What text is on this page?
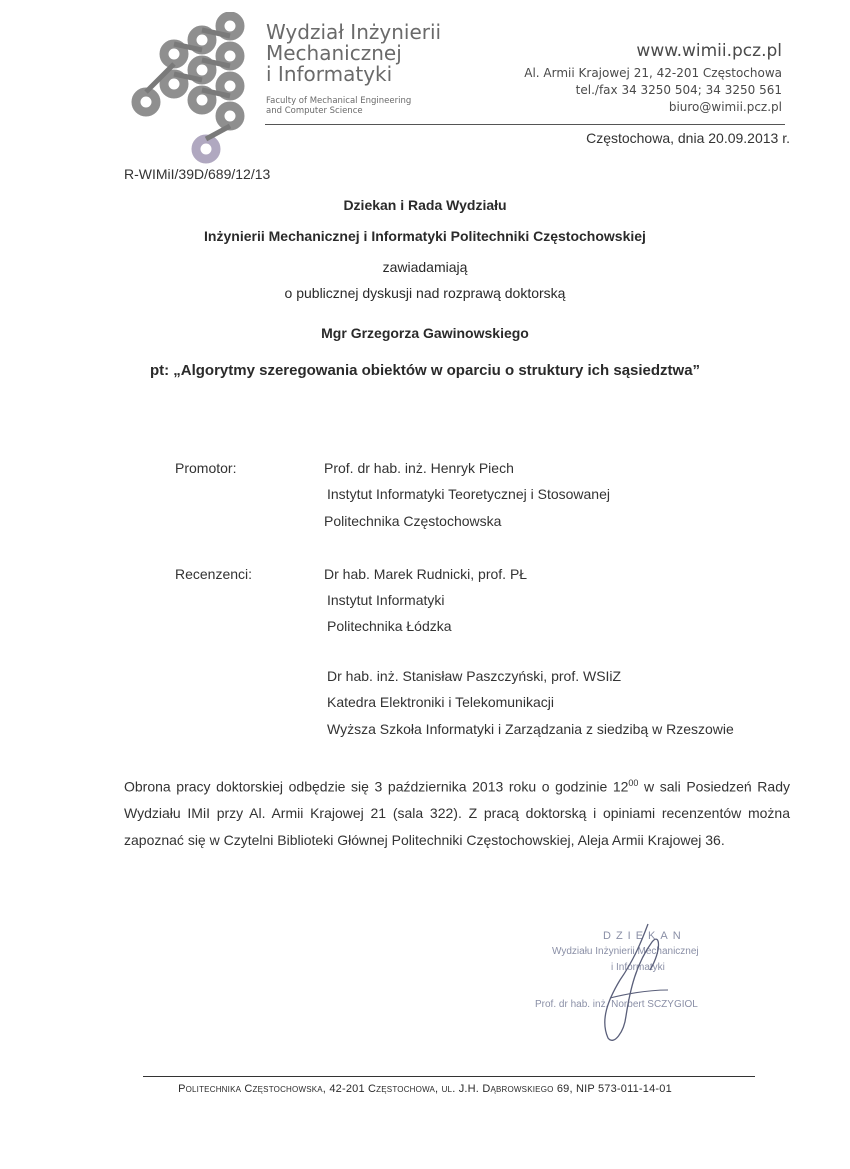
Wydział Inżynierii
Mechanicznej
i Informatyki
Faculty of Mechanical Engineering
and Computer Science
www.wimii.pcz.pl
Al. Armii Krajowej 21, 42-201 Częstochowa
tel./fax 34 3250 504; 34 3250 561
biuro@wimii.pcz.pl
Częstochowa, dnia 20.09.2013 r.
R-WIMiI/39D/689/12/13
Dziekan i Rada Wydziału
Inżynierii Mechanicznej i Informatyki Politechniki Częstochowskiej
zawiadamiają
o publicznej dyskusji nad rozprawą doktorską
Mgr Grzegorza Gawinowskiego
pt: „Algorytmy szeregowania obiektów w oparciu o struktury ich sąsiedztwa”
Promotor:	Prof. dr hab. inż. Henryk Piech
Instytut Informatyki Teoretycznej i Stosowanej
Politechnika Częstochowska
Recenzenci:	Dr hab. Marek Rudnicki, prof. PŁ
Instytut Informatyki
Politechnika Łódzka
Dr hab. inż. Stanisław Paszczyński, prof. WSIiZ
Katedra Elektroniki i Telekomunikacji
Wyższa Szkoła Informatyki i Zarządzania z siedzibą w Rzeszowie
Obrona pracy doktorskiej odbędzie się 3 października 2013 roku o godzinie $12^{00}$ w sali Posiedzeń Rady Wydziału IMiI przy Al. Armii Krajowej 21 (sala 322). Z pracą doktorską i opiniami recenzentów można zapoznać się w Czytelni Biblioteki Głównej Politechniki Częstochowskiej, Aleja Armii Krajowej 36.
DZIEKAN
Wydziału Inżynierii Mechanicznej
i Informatyki
Prof. dr hab. inż. Norbert SCZYGIOL
Politechnika Częstochowska, 42-201 Częstochowa, ul. J.H. Dąbrowskiego 69, NIP 573-011-14-01
